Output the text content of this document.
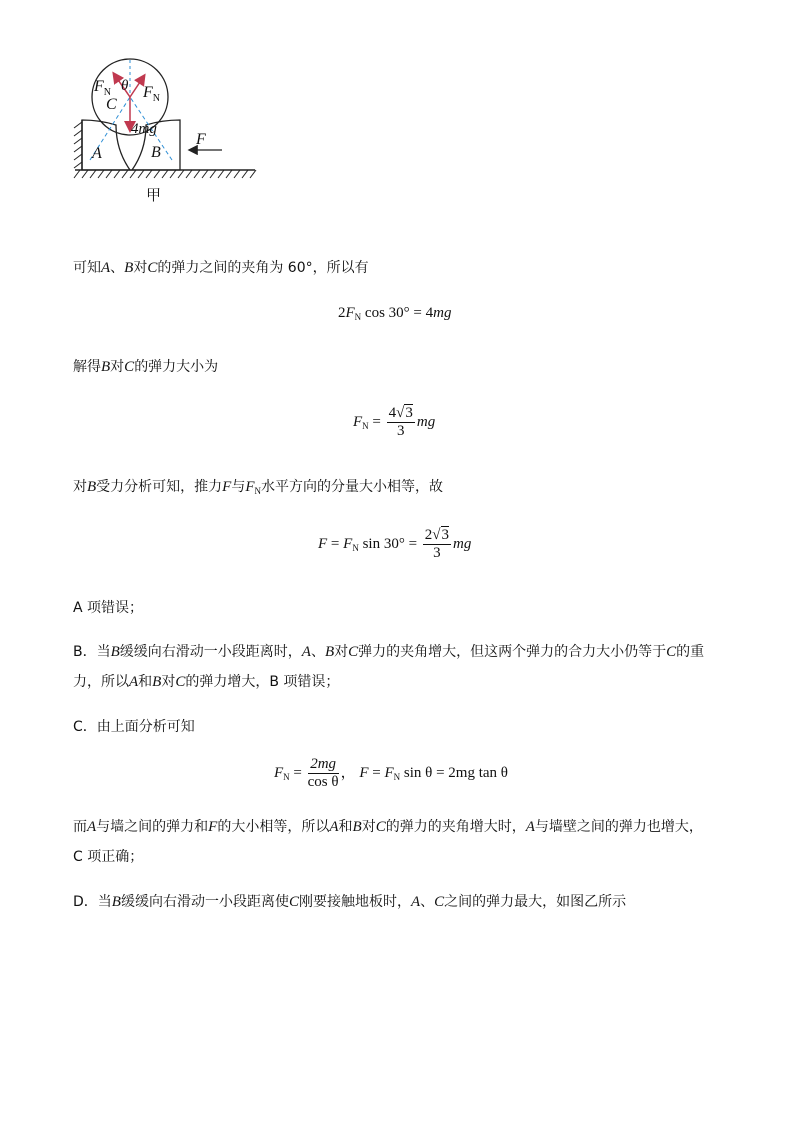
$F_N$ θ $F_N$
C
4mg
A	B
F
甲
可知A、B对C的弹力之间的夹角为 60°，所以有
$2F_N$ cos 30° = 4mg
解得B对C的弹力大小为
$F_N = \frac{4√3}{3}$ mg
对B受力分析可知，推力F与$F_N$水平方向的分量大小相等，故
$F = F_N$ $\sin 30^\circ = \frac{2√3}{3}$ mg
A 项错误；
B．当B缓缓向右滑动一小段距离时，A、B对C弹力的夹角增大，但这两个弹力的合力大小仍等于C的重
力，所以A和B对C的弹力增大，B 项错误；
C．由上面分析可知
$F_N = \frac{2mg}{\text{cos θ}}$ ， $F = F_N$ sin θ = 2mg tan θ
而A与墙之间的弹力和F的大小相等，所以A和B对C的弹力的夹角增大时，A与墙壁之间的弹力也增大，
C 项正确；
D．当B缓缓向右滑动一小段距离使C刚要接触地板时，A、C之间的弹力最大，如图乙所示
